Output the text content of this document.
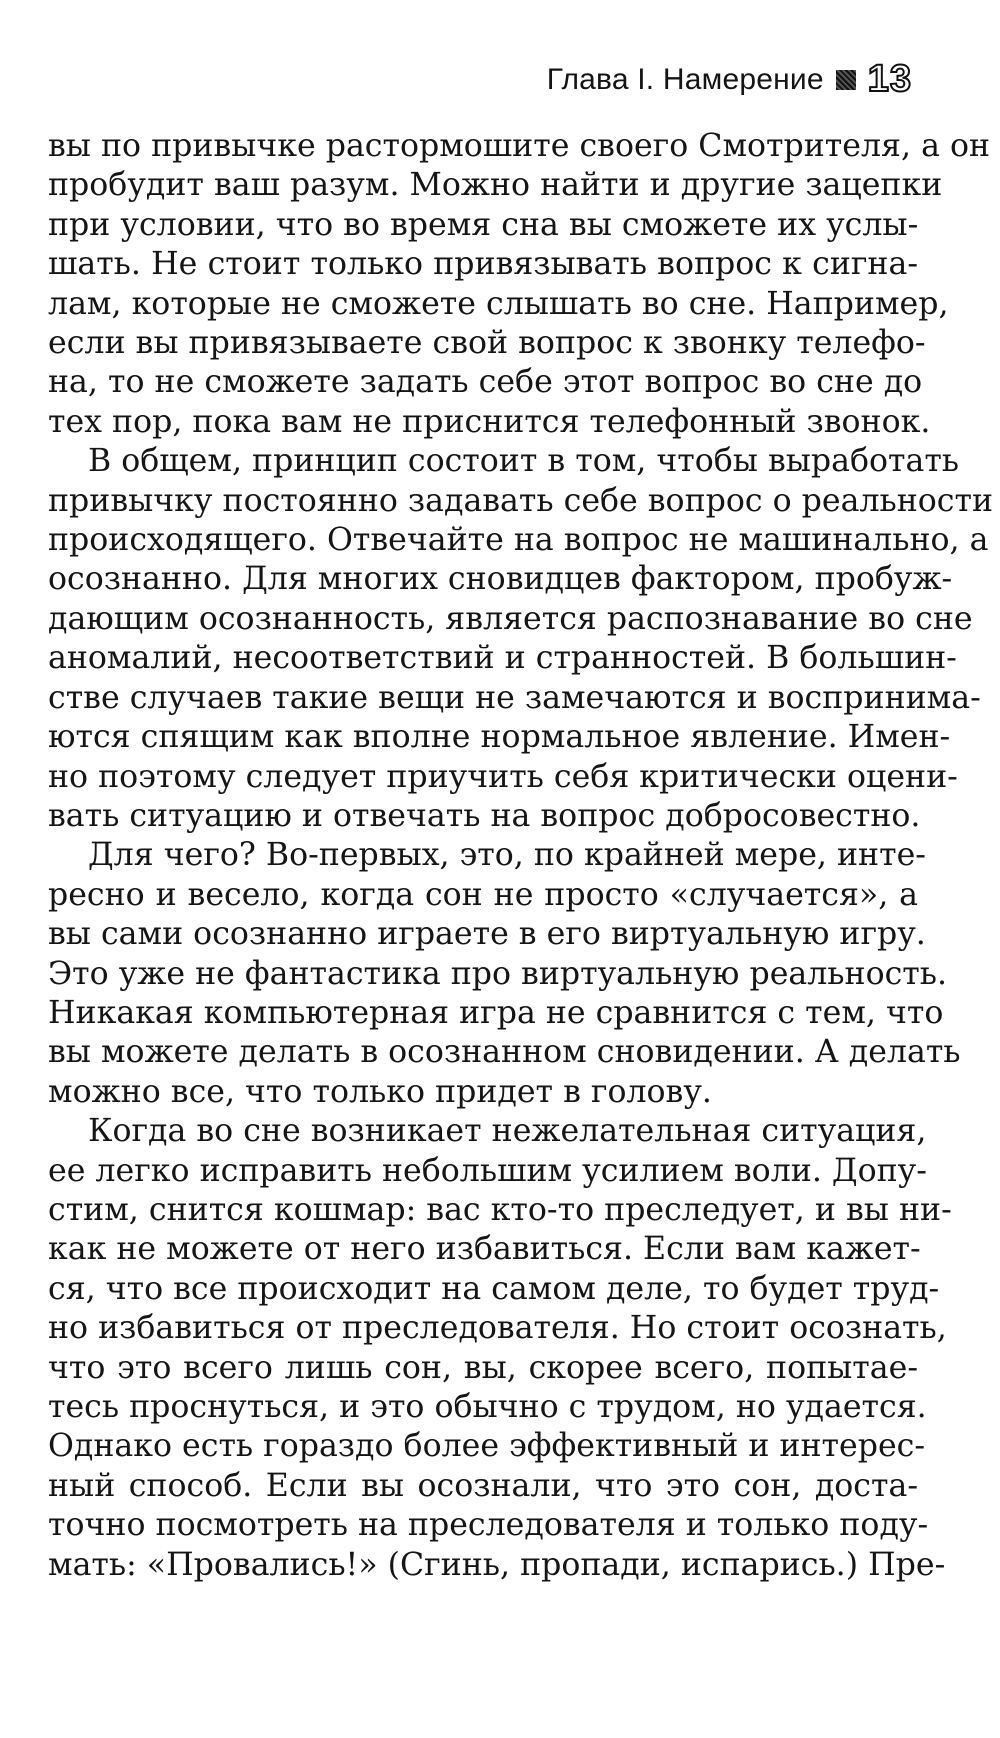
Глава I. Намерение 13

вы по привычке растормошите своего Смотрителя, а он
пробудит ваш разум. Можно найти и другие зацепки
при условии, что во время сна вы сможете их услы-
шать. Не стоит только привязывать вопрос к сигна-
лам, которые не сможете слышать во сне. Например,
если вы привязываете свой вопрос к звонку телефо-
на, то не сможете задать себе этот вопрос во сне до
тех пор, пока вам не приснится телефонный звонок.

В общем, принцип состоит в том, чтобы выработать
привычку постоянно задавать себе вопрос о реальности
происходящего. Отвечайте на вопрос не машинально, а
осознанно. Для многих сновидцев фактором, пробуж-
дающим осознанность, является распознавание во сне
аномалий, несоответствий и странностей. В большин-
стве случаев такие вещи не замечаются и воспринима-
ются спящим как вполне нормальное явление. Имен-
но поэтому следует приучить себя критически оцени-
вать ситуацию и отвечать на вопрос добросовестно.

Для чего? Во-первых, это, по крайней мере, инте-
ресно и весело, когда сон не просто «случается», а
вы сами осознанно играете в его виртуальную игру.
Это уже не фантастика про виртуальную реальность.
Никакая компьютерная игра не сравнится с тем, что
вы можете делать в осознанном сновидении. А делать
можно все, что только придет в голову.

Когда во сне возникает нежелательная ситуация,
ее легко исправить небольшим усилием воли. Допу-
стим, снится кошмар: вас кто-то преследует, и вы ни-
как не можете от него избавиться. Если вам кажет-
ся, что все происходит на самом деле, то будет труд-
но избавиться от преследователя. Но стоит осознать,
что это всего лишь сон, вы, скорее всего, попытае-
тесь проснуться, и это обычно с трудом, но удается.
Однако есть гораздо более эффективный и интерес-
ный способ. Если вы осознали, что это сон, доста-
точно посмотреть на преследователя и только поду-
мать: «Провались!» (Сгинь, пропади, испарись.) Пре-
